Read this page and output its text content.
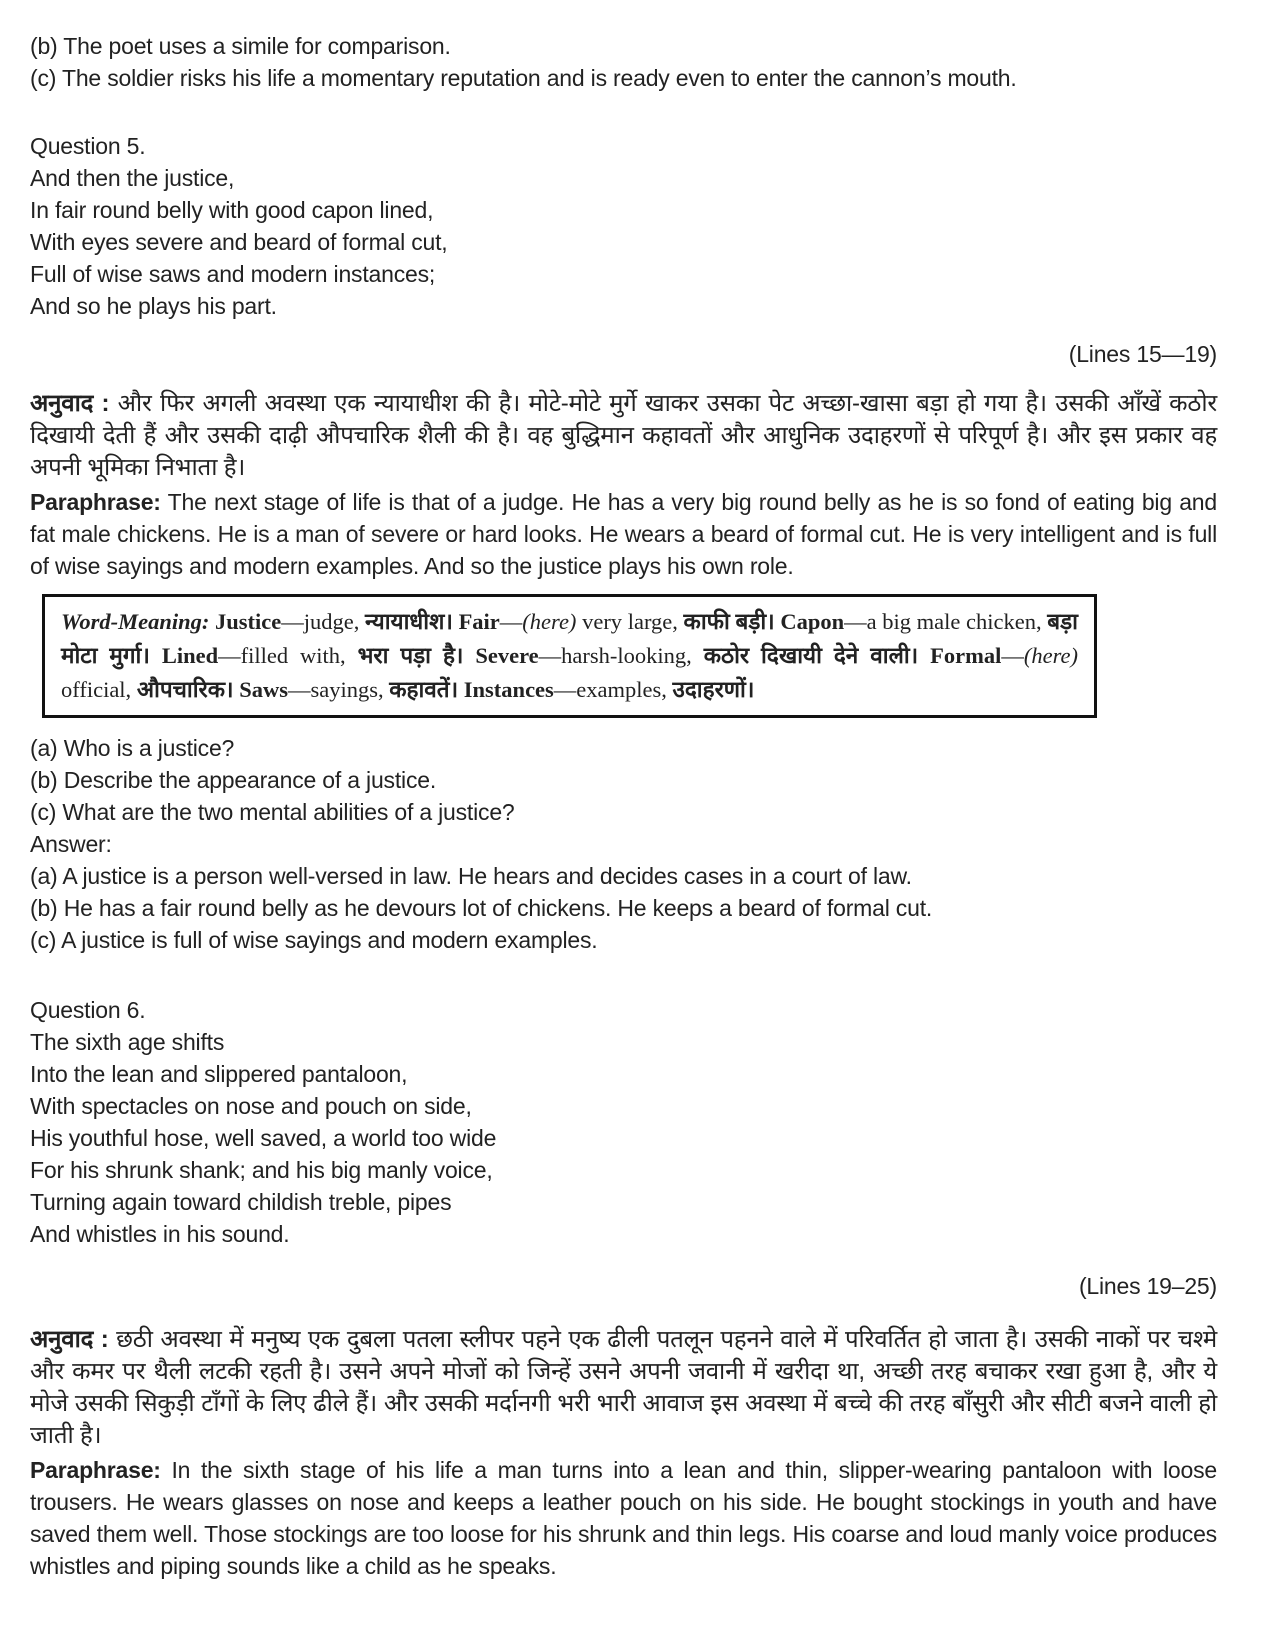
(b) The poet uses a simile for comparison.
(c) The soldier risks his life a momentary reputation and is ready even to enter the cannon’s mouth.
Question 5.
And then the justice,
In fair round belly with good capon lined,
With eyes severe and beard of formal cut,
Full of wise saws and modern instances;
And so he plays his part.
(Lines 15—19)

अनुवाद : और फिर अगली अवस्था एक न्यायाधीश की है। मोटे-मोटे मुर्गे खाकर उसका पेट अच्छा-खासा बड़ा हो गया है। उसकी आँखें कठोर दिखायी देती हैं और उसकी दाढ़ी औपचारिक शैली की है। वह बुद्धिमान कहावतों और आधुनिक उदाहरणों से परिपूर्ण है। और इस प्रकार वह अपनी भूमिका निभाता है।

Paraphrase: The next stage of life is that of a judge. He has a very big round belly as he is so fond of eating big and fat male chickens. He is a man of severe or hard looks. He wears a beard of formal cut. He is very intelligent and is full of wise sayings and modern examples. And so the justice plays his own role.

Word-Meaning: Justice—judge, न्यायाधीश। Fair—(here) very large, काफी बड़ी। Capon—a big male chicken, बड़ा मोटा मुर्गा। Lined—filled with, भरा पड़ा है। Severe—harsh-looking, कठोर दिखायी देने वाली। Formal—(here) official, औपचारिक। Saws—sayings, कहावतें। Instances—examples, उदाहरणों।
(a) Who is a justice?
(b) Describe the appearance of a justice.
(c) What are the two mental abilities of a justice?
Answer:
(a) A justice is a person well-versed in law. He hears and decides cases in a court of law.
(b) He has a fair round belly as he devours lot of chickens. He keeps a beard of formal cut.
(c) A justice is full of wise sayings and modern examples.
Question 6.
The sixth age shifts
Into the lean and slippered pantaloon,
With spectacles on nose and pouch on side,
His youthful hose, well saved, a world too wide
For his shrunk shank; and his big manly voice,
Turning again toward childish treble, pipes
And whistles in his sound.
(Lines 19–25)

अनुवाद : छठी अवस्था में मनुष्य एक दुबला पतला स्लीपर पहने एक ढीली पतलून पहनने वाले में परिवर्तित हो जाता है। उसकी नाकों पर चश्मे और कमर पर थैली लटकी रहती है। उसने अपने मोजों को जिन्हें उसने अपनी जवानी में खरीदा था, अच्छी तरह बचाकर रखा हुआ है, और ये मोजे उसकी सिकुड़ी टाँगों के लिए ढीले हैं। और उसकी मर्दानगी भरी भारी आवाज इस अवस्था में बच्चे की तरह बाँसुरी और सीटी बजने वाली हो जाती है।

Paraphrase: In the sixth stage of his life a man turns into a lean and thin, slipper-wearing pantaloon with loose trousers. He wears glasses on nose and keeps a leather pouch on his side. He bought stockings in youth and have saved them well. Those stockings are too loose for his shrunk and thin legs. His coarse and loud manly voice produces whistles and piping sounds like a child as he speaks.
